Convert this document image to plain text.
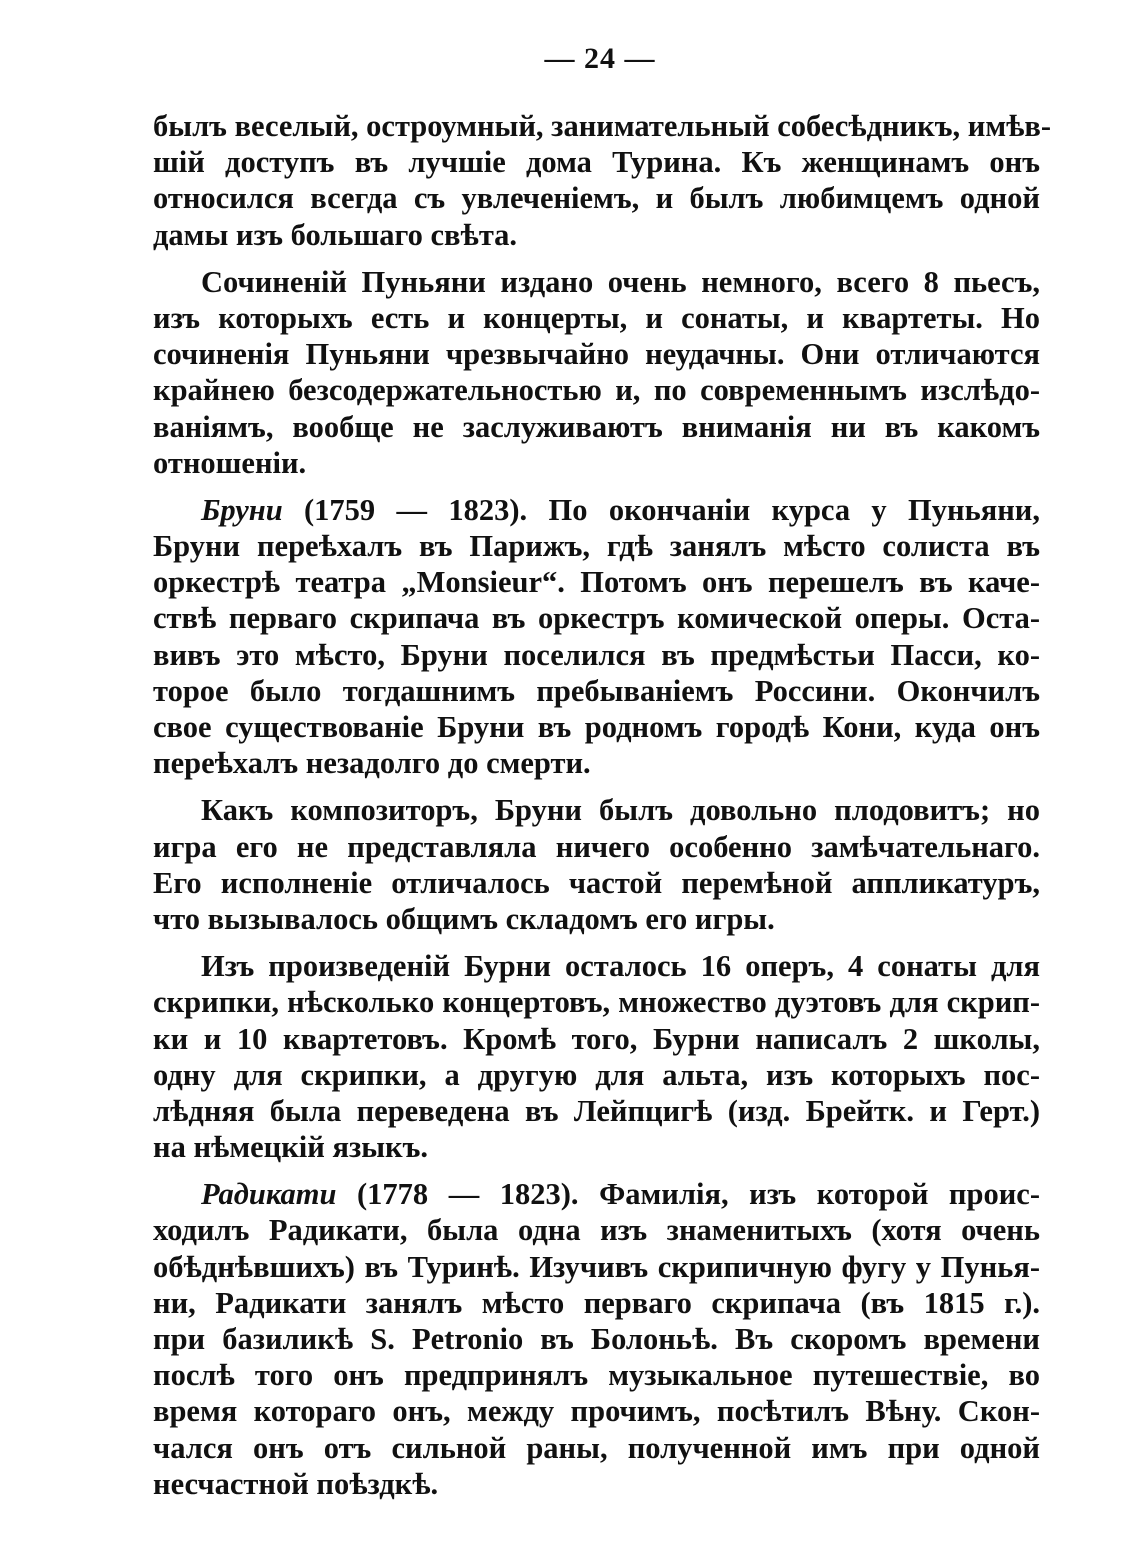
— 24 —
былъ веселый, остроумный, занимательный собесѣдникъ, имѣв-
шій доступъ въ лучшіе дома Турина. Къ женщинамъ онъ
относился всегда съ увлеченіемъ, и былъ любимцемъ одной
дамы изъ большаго свѣта.
Сочиненій Пуньяни издано очень немного, всего 8 пьесъ,
изъ которыхъ есть и концерты, и сонаты, и квартеты. Но
сочиненія Пуньяни чрезвычайно неудачны. Они отличаются
крайнею безсодержательностью и, по современнымъ изслѣдо-
ваніямъ, вообще не заслуживаютъ вниманія ни въ какомъ
отношеніи.
Бруни (1759 — 1823). По окончаніи курса у Пуньяни,
Бруни переѣхалъ въ Парижъ, гдѣ занялъ мѣсто солиста въ
оркестрѣ театра „Monsieur“. Потомъ онъ перешелъ въ каче-
ствѣ перваго скрипача въ оркестръ комической оперы. Оста-
вивъ это мѣсто, Бруни поселился въ предмѣстьи Пасси, ко-
торое было тогдашнимъ пребываніемъ Россини. Окончилъ
свое существованіе Бруни въ родномъ городѣ Кони, куда онъ
переѣхалъ незадолго до смерти.
Какъ композиторъ, Бруни былъ довольно плодовитъ; но
игра его не представляла ничего особенно замѣчательнаго.
Его исполненіе отличалось частой перемѣной аппликатуръ,
что вызывалось общимъ складомъ его игры.
Изъ произведеній Бурни осталось 16 оперъ, 4 сонаты для
скрипки, нѣсколько концертовъ, множество дуэтовъ для скрип-
ки и 10 квартетовъ. Кромѣ того, Бурни написалъ 2 школы,
одну для скрипки, а другую для альта, изъ которыхъ пос-
лѣдняя была переведена въ Лейпцигѣ (изд. Брейтк. и Герт.)
на нѣмецкій языкъ.
Радикати (1778 — 1823). Фамилія, изъ которой проис-
ходилъ Радикати, была одна изъ знаменитыхъ (хотя очень
обѣднѣвшихъ) въ Туринѣ. Изучивъ скрипичную фугу у Пунья-
ни, Радикати занялъ мѣсто перваго скрипача (въ 1815 г.).
при базиликѣ S. Petronio въ Болоньѣ. Въ скоромъ времени
послѣ того онъ предпринялъ музыкальное путешествіе, во
время котораго онъ, между прочимъ, посѣтилъ Вѣну. Скон-
чался онъ отъ сильной раны, полученной имъ при одной
несчастной поѣздкѣ.
